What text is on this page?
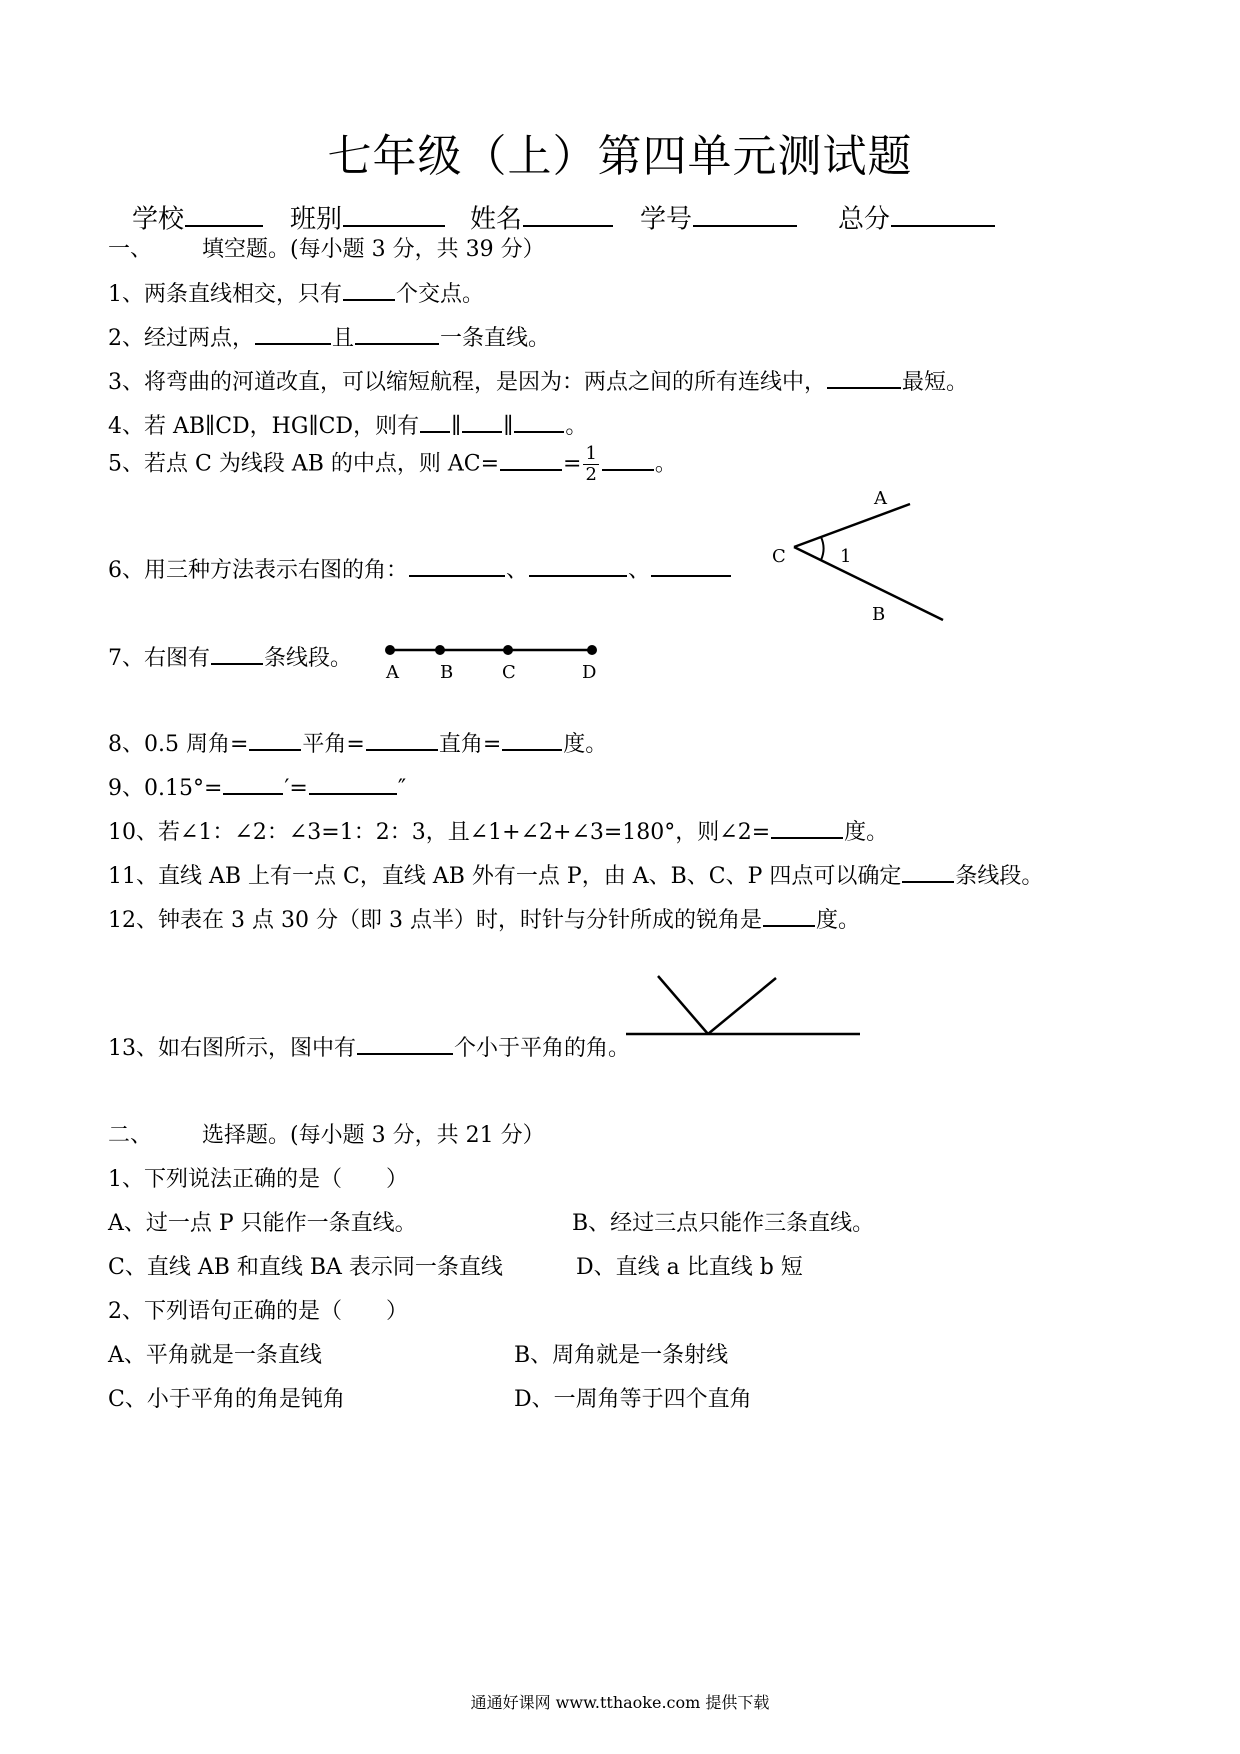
七年级（上）第四单元测试题
学校	班别	姓名	学号	总分
一、 填空题。(每小题 3 分，共 39 分）
1、两条直线相交，只有 个交点。
2、经过两点，	且	一条直线。
3、将弯曲的河道改直，可以缩短航程，是因为：两点之间的所有连线中，	最短。
4、若 AB∥CD，HG∥CD，则有 ∥ ∥ 。
5、若点 C 为线段 AB 的中点，则 AC=	= $\frac{1}{2}$	。
6、用三种方法表示右图的角：	、	、
A
C	1
B
7、右图有 条线段。
A B	C	D
8、0.5 周角= 平角=	直角=	度。
9、0.15°=	′=	″
10、若∠1：∠2：∠3=1：2：3，且∠1+∠2+∠3=180°，则∠2=	度。
11、直线 AB 上有一点 C，直线 AB 外有一点 P，由 A、B、C、P 四点可以确定 条线段。
12、钟表在 3 点 30 分（即 3 点半）时，时针与分针所成的锐角是 度。
13、如右图所示，图中有	个小于平角的角。
二、 选择题。(每小题 3 分，共 21 分）
1、下列说法正确的是（　　）
A、过一点 P 只能作一条直线。	B、经过三点只能作三条直线。
C、直线 AB 和直线 BA 表示同一条直线	D、直线 a 比直线 b 短
2、下列语句正确的是（　　）
A、平角就是一条直线	B、周角就是一条射线
C、小于平角的角是钝角	D、一周角等于四个直角
通通好课网 www.tthaoke.com 提供下载
